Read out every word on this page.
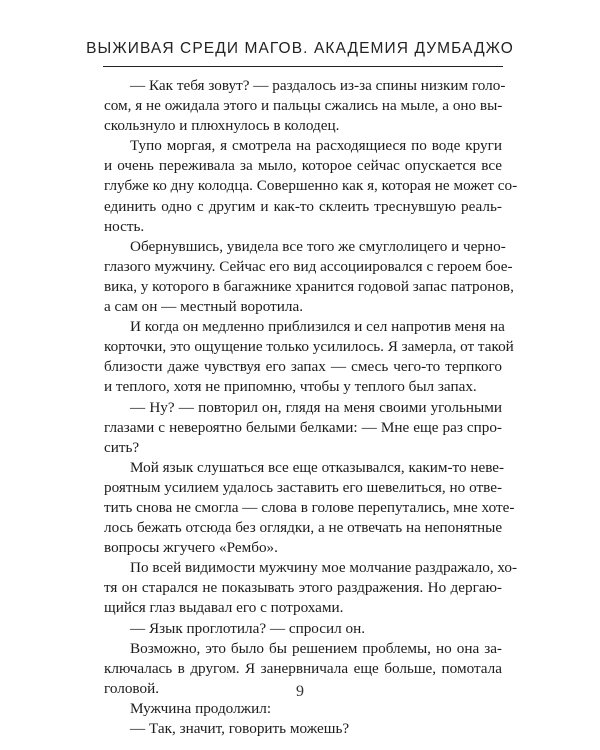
ВЫЖИВАЯ СРЕДИ МАГОВ. АКАДЕМИЯ ДУМБАДЖО
— Как тебя зовут? — раздалось из-за спины низким голо-
сом, я не ожидала этого и пальцы сжались на мыле, а оно вы-
скользнуло и плюхнулось в колодец.
Тупо моргая, я смотрела на расходящиеся по воде круги
и очень переживала за мыло, которое сейчас опускается все
глубже ко дну колодца. Совершенно как я, которая не может со-
единить одно с другим и как-то склеить треснувшую реаль-
ность.
Обернувшись, увидела все того же смуглолицего и черно-
глазого мужчину. Сейчас его вид ассоциировался с героем бое-
вика, у которого в багажнике хранится годовой запас патронов,
а сам он — местный воротила.
И когда он медленно приблизился и сел напротив меня на
корточки, это ощущение только усилилось. Я замерла, от такой
близости даже чувствуя его запах — смесь чего-то терпкого
и теплого, хотя не припомню, чтобы у теплого был запах.
— Ну? — повторил он, глядя на меня своими угольными
глазами с невероятно белыми белками: — Мне еще раз спро-
сить?
Мой язык слушаться все еще отказывался, каким-то неве-
роятным усилием удалось заставить его шевелиться, но отве-
тить снова не смогла — слова в голове перепутались, мне хоте-
лось бежать отсюда без оглядки, а не отвечать на непонятные
вопросы жгучего «Рембо».
По всей видимости мужчину мое молчание раздражало, хо-
тя он старался не показывать этого раздражения. Но дергаю-
щийся глаз выдавал его с потрохами.
— Язык проглотила? — спросил он.
Возможно, это было бы решением проблемы, но она за-
ключалась в другом. Я занервничала еще больше, помотала
головой.
Мужчина продолжил:
— Так, значит, говорить можешь?
9
